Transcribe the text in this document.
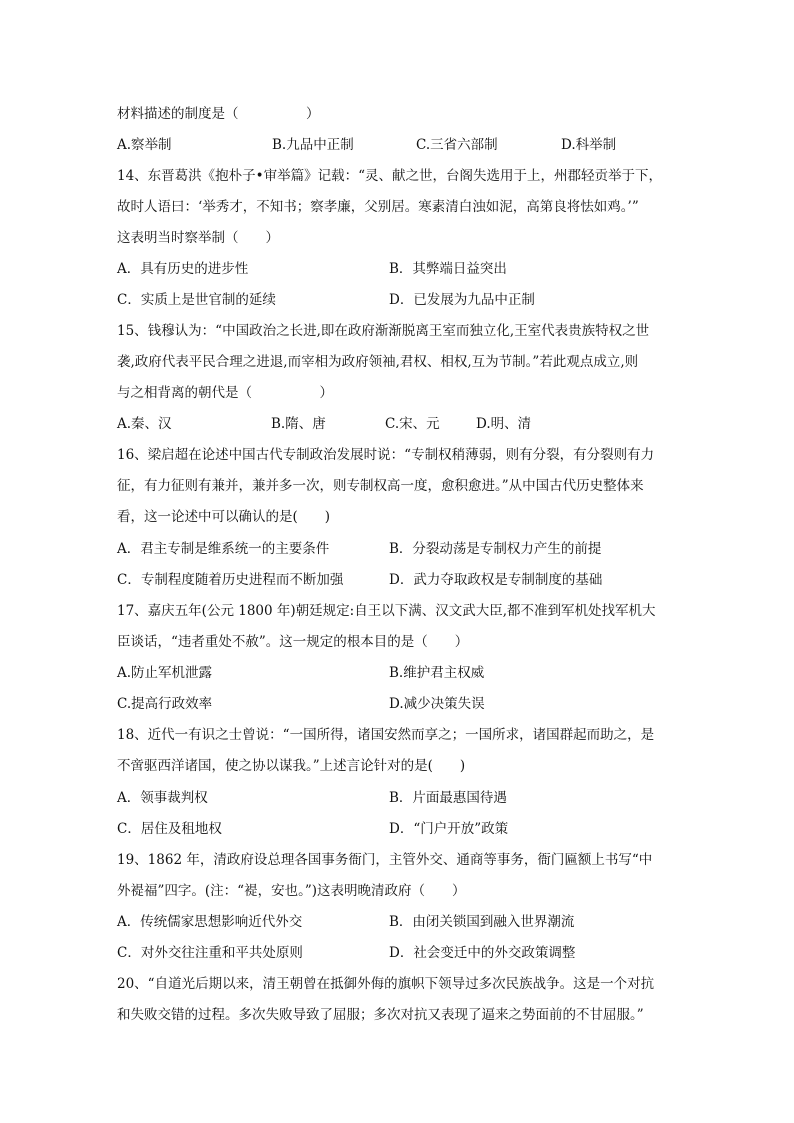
材料描述的制度是（　　　　　）
A.察举制	B.九品中正制	C.三省六部制	D.科举制
14、东晋葛洪《抱朴子•审举篇》记载：“灵、献之世，台阁失选用于上，州郡轻贡举于下，
故时人语曰：‘举秀才，不知书；察孝廉，父别居。寒素清白浊如泥，高第良将怯如鸡。’”
这表明当时察举制（　　）
A．具有历史的进步性	B．其弊端日益突出
C．实质上是世官制的延续	D．已发展为九品中正制
15、钱穆认为：“中国政治之长进,即在政府渐渐脱离王室而独立化,王室代表贵族特权之世
袭,政府代表平民合理之进退,而宰相为政府领袖,君权、相权,互为节制。”若此观点成立,则
与之相背离的朝代是（　　　　　）
A.秦、汉	B.隋、唐	C.宋、元	D.明、清
16、梁启超在论述中国古代专制政治发展时说：“专制权稍薄弱，则有分裂，有分裂则有力
征，有力征则有兼并，兼并多一次，则专制权高一度，愈积愈进。”从中国古代历史整体来
看，这一论述中可以确认的是(　　)
A．君主专制是维系统一的主要条件	B．分裂动荡是专制权力产生的前提
C．专制程度随着历史进程而不断加强	D．武力夺取政权是专制制度的基础
17、嘉庆五年(公元 1800 年)朝廷规定:自王以下满、汉文武大臣,都不准到军机处找军机大
臣谈话，“违者重处不赦”。这一规定的根本目的是（　　）
A.防止军机泄露	B.维护君主权威
C.提高行政效率	D.减少决策失误
18、近代一有识之士曾说：“一国所得，诸国安然而享之；一国所求，诸国群起而助之，是
不啻驱西洋诸国，使之协以谋我。”上述言论针对的是(　　)
A．领事裁判权	B．片面最惠国待遇
C．居住及租地权	D．“门户开放”政策
19、1862 年，清政府设总理各国事务衙门，主管外交、通商等事务，衙门匾额上书写“中
外褆福”四字。(注：“褆，安也。”)这表明晚清政府（　　）
A．传统儒家思想影响近代外交	B．由闭关锁国到融入世界潮流
C．对外交往注重和平共处原则	D．社会变迁中的外交政策调整
20、“自道光后期以来，清王朝曾在抵御外侮的旗帜下领导过多次民族战争。这是一个对抗
和失败交错的过程。多次失败导致了屈服；多次对抗又表现了逼来之势面前的不甘屈服。”
